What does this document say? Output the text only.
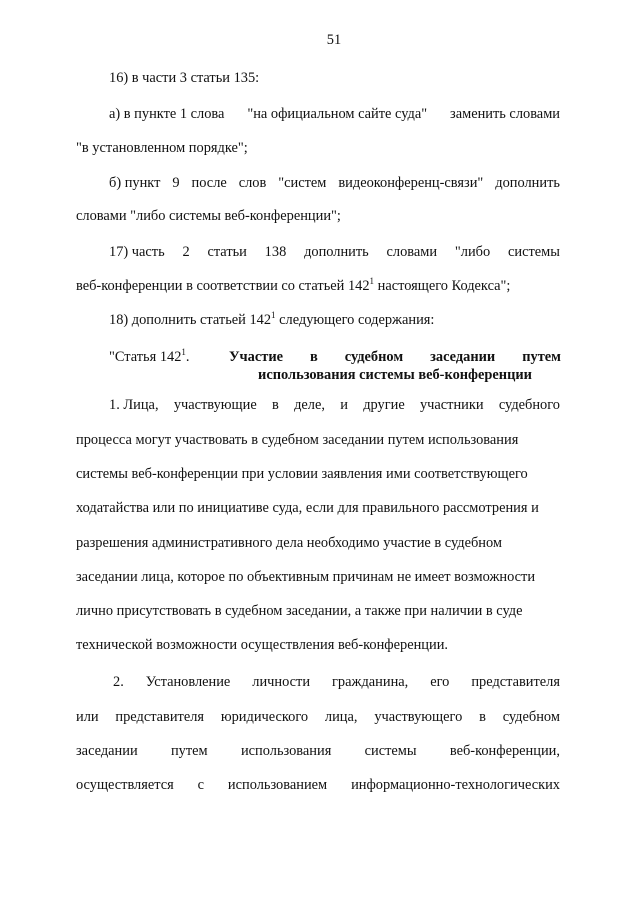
51
16) в части 3 статьи 135:
а) в пункте 1 слова "на официальном сайте суда" заменить словами
"в установленном порядке";
б) пункт 9 после слов "систем видеоконференц-связи" дополнить
словами "либо системы веб-конференции";
17) часть 2 статьи 138 дополнить словами "либо системы
веб-конференции в соответствии со статьей $142^1$ настоящего Кодекса";
18) дополнить статьей $142^1$ следующего содержания:
"Статья $142^1$.	Участие в судебном заседании путем
использования системы веб-конференции
1. Лица, участвующие в деле, и другие участники судебного
процесса могут участвовать в судебном заседании путем использования
системы веб-конференции при условии заявления ими соответствующего
ходатайства или по инициативе суда, если для правильного рассмотрения и
разрешения административного дела необходимо участие в судебном
заседании лица, которое по объективным причинам не имеет возможности
лично присутствовать в судебном заседании, а также при наличии в суде
технической возможности осуществления веб-конференции.
2. Установление личности гражданина, его представителя
или представителя юридического лица, участвующего в судебном
заседании путем использования системы веб-конференции,
осуществляется с использованием информационно-технологических
